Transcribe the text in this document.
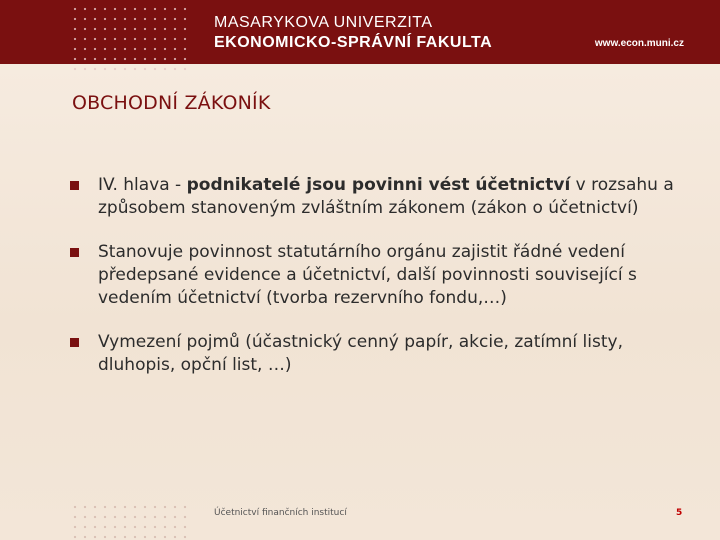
MASARYKOVA UNIVERZITA
EKONOMICKO-SPRÁVNÍ FAKULTA	www.econ.muni.cz
OBCHODNÍ ZÁKONÍK
IV. hlava - podnikatelé jsou povinni vést účetnictví v rozsahu a způsobem stanoveným zvláštním zákonem (zákon o účetnictví)
Stanovuje povinnost statutárního orgánu zajistit řádné vedení předepsané evidence a účetnictví, další povinnosti související s vedením účetnictví (tvorba rezervního fondu,…)
Vymezení pojmů (účastnický cenný papír, akcie, zatímní listy, dluhopis, opční list, …)
Účetnictví finančních institucí	5
